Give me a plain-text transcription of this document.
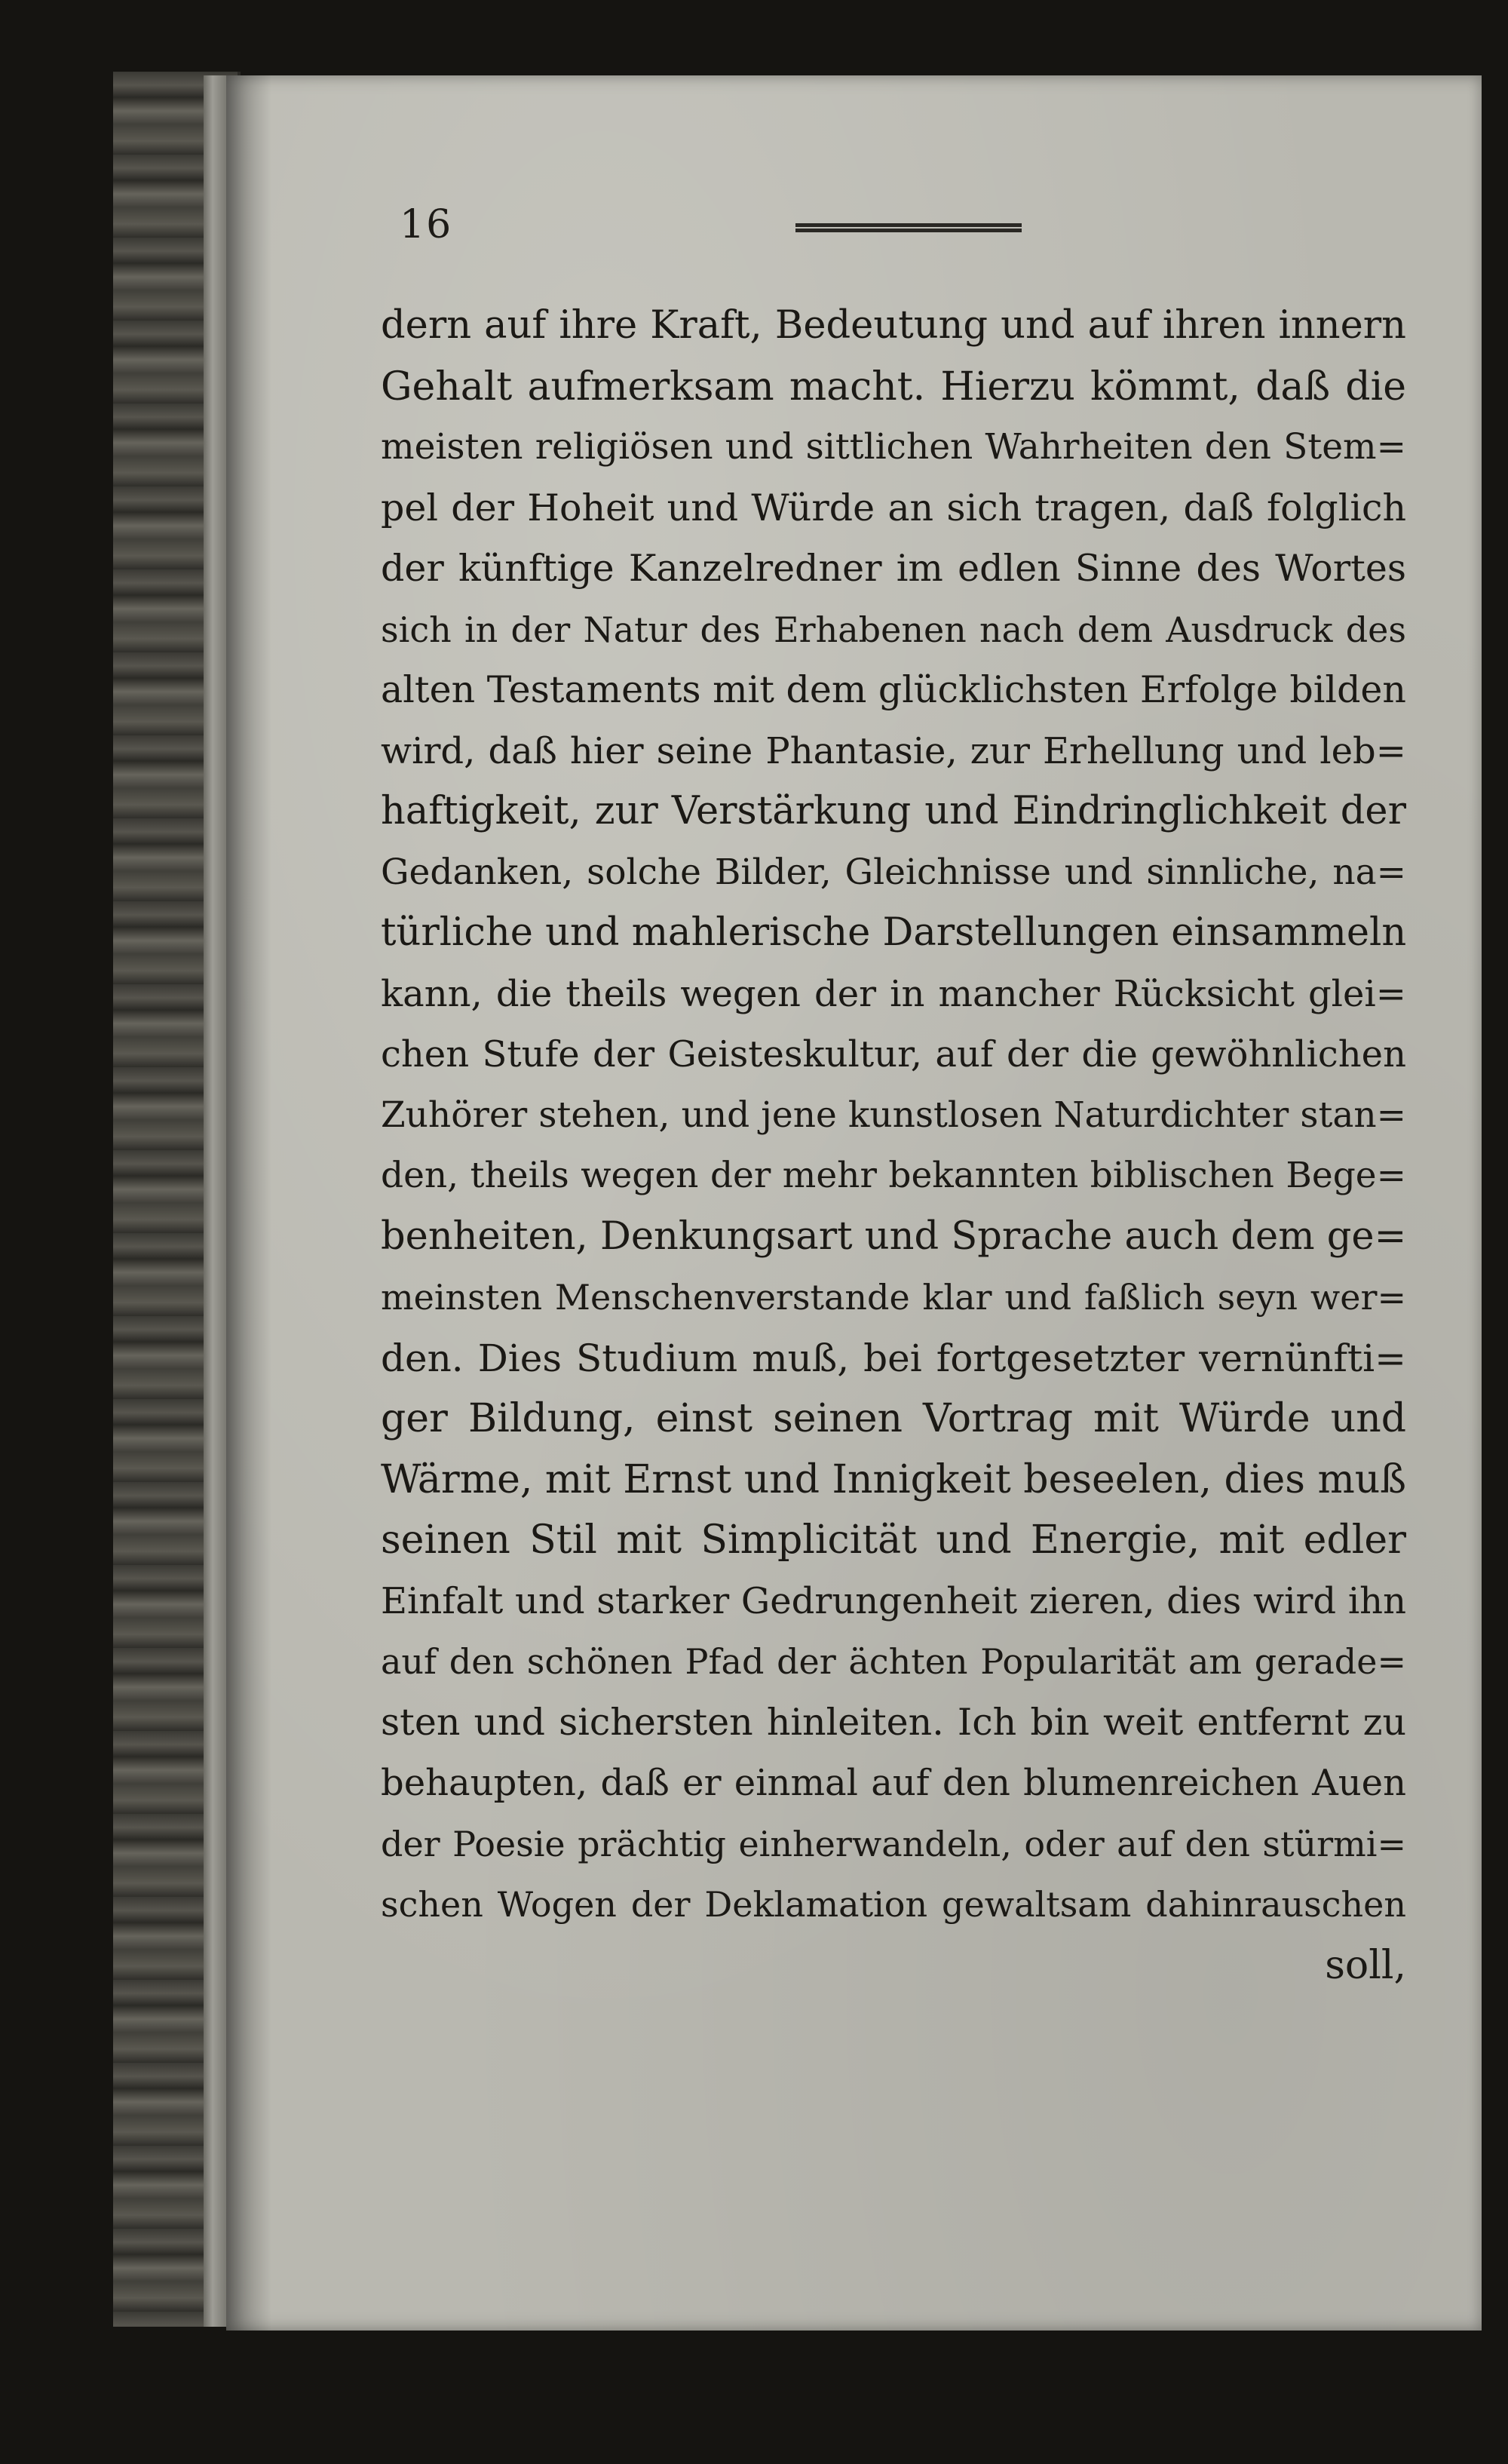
16
dern auf ihre Kraft, Bedeutung und auf ihren innern
Gehalt aufmerksam macht. Hierzu kömmt, daß die
meisten religiösen und sittlichen Wahrheiten den Stem=
pel der Hoheit und Würde an sich tragen, daß folglich
der künftige Kanzelredner im edlen Sinne des Wortes
sich in der Natur des Erhabenen nach dem Ausdruck des
alten Testaments mit dem glücklichsten Erfolge bilden
wird, daß hier seine Phantasie, zur Erhellung und leb=
haftigkeit, zur Verstärkung und Eindringlichkeit der
Gedanken, solche Bilder, Gleichnisse und sinnliche, na=
türliche und mahlerische Darstellungen einsammeln
kann, die theils wegen der in mancher Rücksicht glei=
chen Stufe der Geisteskultur, auf der die gewöhnlichen
Zuhörer stehen, und jene kunstlosen Naturdichter stan=
den, theils wegen der mehr bekannten biblischen Bege=
benheiten, Denkungsart und Sprache auch dem ge=
meinsten Menschenverstande klar und faßlich seyn wer=
den. Dies Studium muß, bei fortgesetzter vernünfti=
ger Bildung, einst seinen Vortrag mit Würde und
Wärme, mit Ernst und Innigkeit beseelen, dies muß
seinen Stil mit Simplicität und Energie, mit edler
Einfalt und starker Gedrungenheit zieren, dies wird ihn
auf den schönen Pfad der ächten Popularität am gerade=
sten und sichersten hinleiten. Ich bin weit entfernt zu
behaupten, daß er einmal auf den blumenreichen Auen
der Poesie prächtig einherwandeln, oder auf den stürmi=
schen Wogen der Deklamation gewaltsam dahinrauschen
soll,
